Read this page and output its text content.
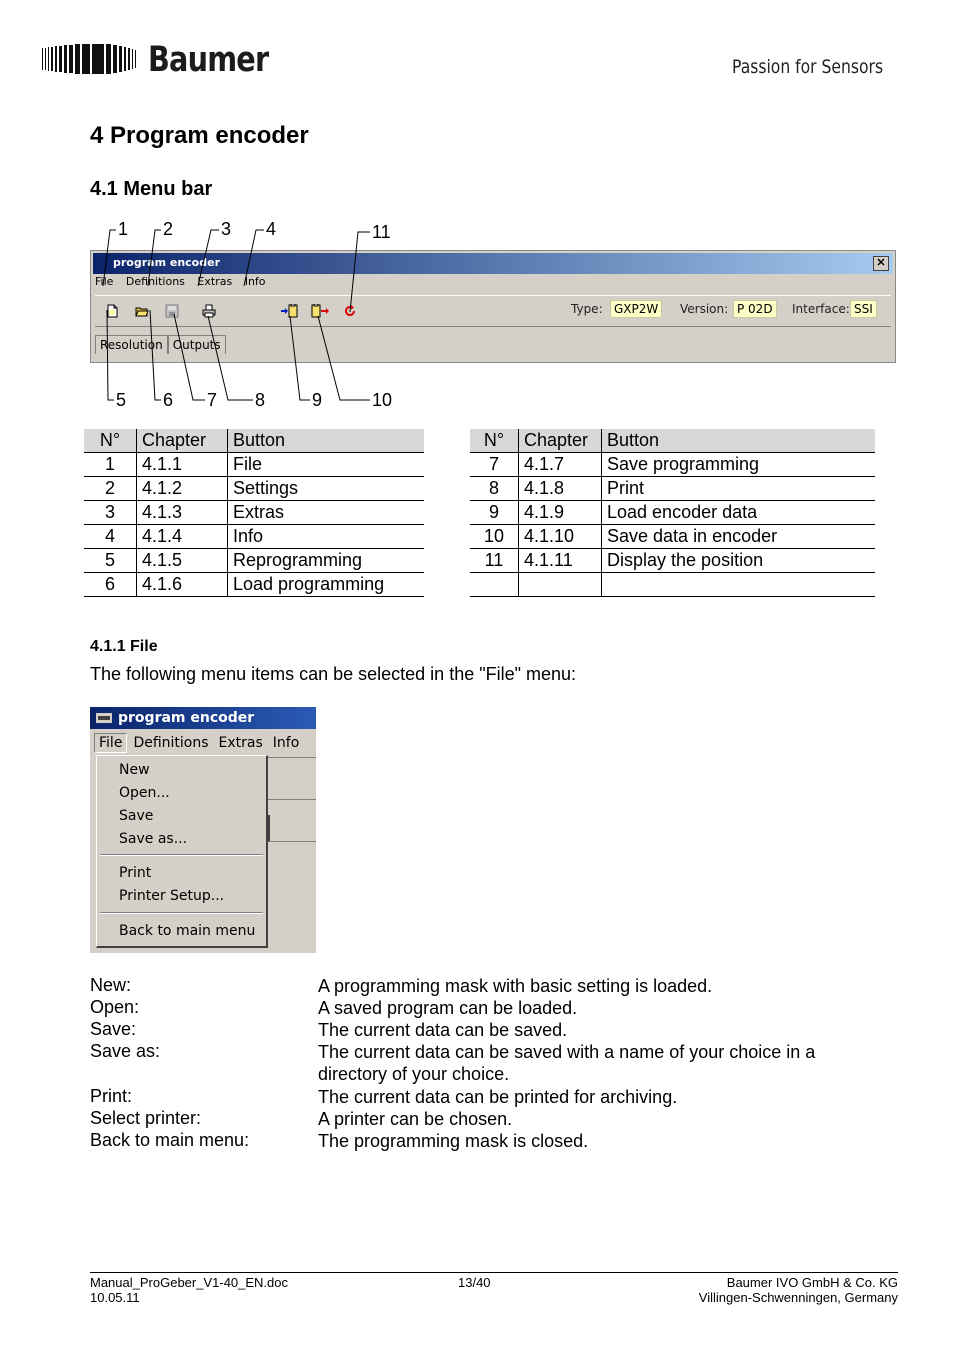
Baumer	Passion for Sensors
4 Program encoder
4.1 Menu bar
1 2	3 4	11
5 6 7 8	9	10
program encoder	✕
File Definitions Extras Info
Type: GXP2W	Version: P 02D	Interface: SSI
Resolution Outputs
N°	Chapter	Button
1	4.1.1	File
2	4.1.2	Settings
3	4.1.3	Extras
4	4.1.4	Info
5	4.1.5	Reprogramming
6	4.1.6	Load programming
N°	Chapter	Button
7	4.1.7	Save programming
8	4.1.8	Print
9	4.1.9	Load encoder data
10	4.1.10	Save data in encoder
11	4.1.11	Display the position

4.1.1 File
The following menu items can be selected in the "File" menu:
program encoder
File Definitions Extras Info
New
Open...
Save
Save as...
Print
Printer Setup...
Back to main menu
New:	A programming mask with basic setting is loaded.
Open:	A saved program can be loaded.
Save:	The current data can be saved.
Save as:	The current data can be saved with a name of your choice in a directory of your choice.
Print:	The current data can be printed for archiving.
Select printer:	A printer can be chosen.
Back to main menu:	The programming mask is closed.
Manual_ProGeber_V1-40_EN.doc
10.05.11
13/40	Baumer IVO GmbH & Co. KG
Villingen-Schwenningen, Germany
